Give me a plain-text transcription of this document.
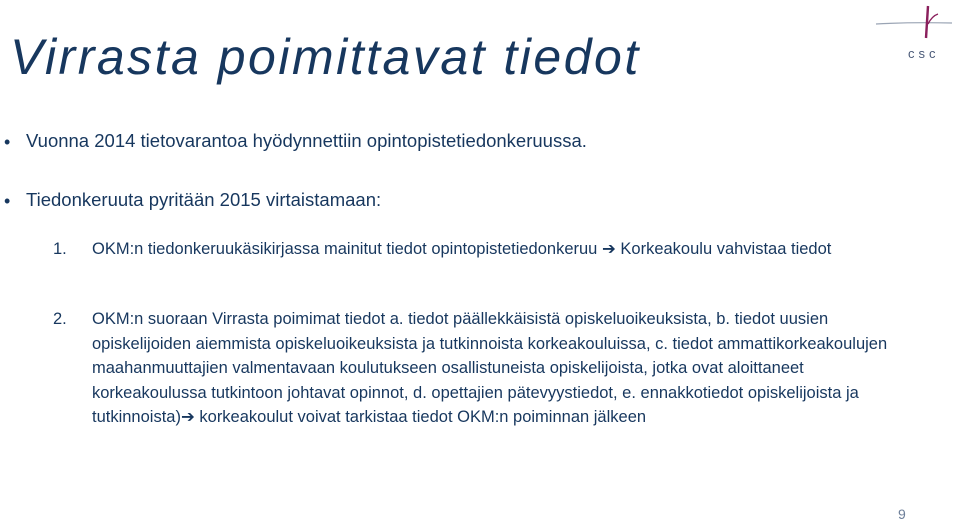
Virrasta poimittavat tiedot	csc
• Vuonna 2014 tietovarantoa hyödynnettiin opintopistetiedonkeruussa.
• Tiedonkeruuta pyritään 2015 virtaistamaan:
1. OKM:n tiedonkeruukäsikirjassa mainitut tiedot opintopistetiedonkeruu ➔ Korkeakoulu vahvistaa tiedot
2. OKM:n suoraan Virrasta poimimat tiedot a. tiedot päällekkäisistä opiskeluoikeuksista, b. tiedot uusien opiskelijoiden aiemmista opiskeluoikeuksista ja tutkinnoista korkeakouluissa, c. tiedot ammattikorkeakoulujen maahanmuuttajien valmentavaan koulutukseen osallistuneista opiskelijoista, jotka ovat aloittaneet korkeakoulussa tutkintoon johtavat opinnot, d. opettajien pätevyystiedot, e. ennakkotiedot opiskelijoista ja tutkinnoista)➔ korkeakoulut voivat tarkistaa tiedot OKM:n poiminnan jälkeen
9
